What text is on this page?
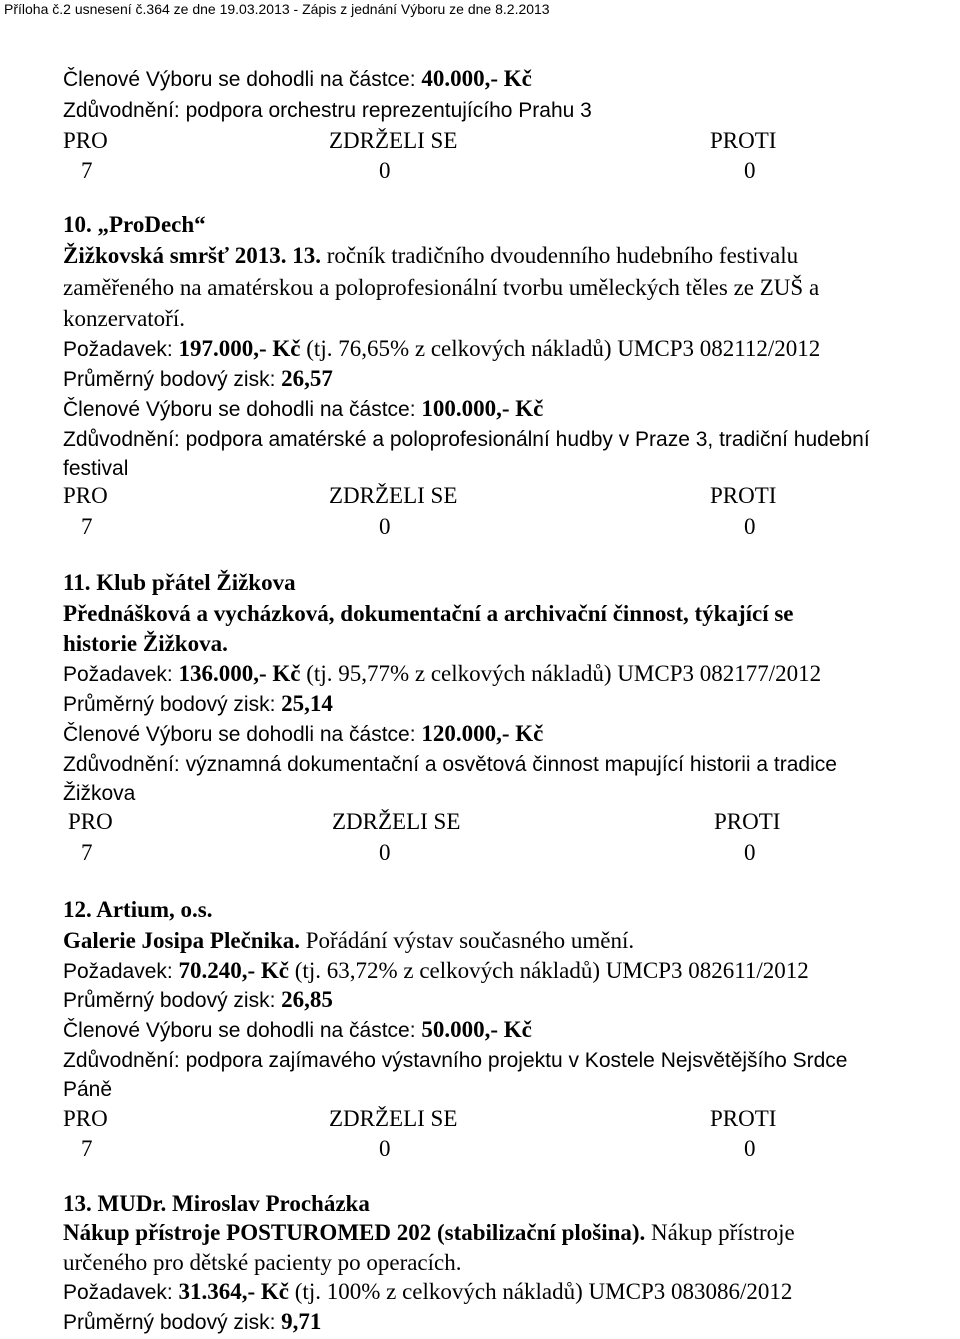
Příloha č.2 usnesení č.364 ze dne 19.03.2013 - Zápis z jednání Výboru ze dne 8.2.2013
Členové Výboru se dohodli na částce: 40.000,- Kč
Zdůvodnění: podpora orchestru reprezentujícího Prahu 3
PRO	ZDRŽELI SE	PROTI
7	0	0
10. „ProDech“
Žižkovská smršť 2013. 13. ročník tradičního dvoudenního hudebního festivalu
zaměřeného na amatérskou a poloprofesionální tvorbu uměleckých těles ze ZUŠ a
konzervatoří.
Požadavek: 197.000,- Kč (tj. 76,65% z celkových nákladů) UMCP3 082112/2012
Průměrný bodový zisk: 26,57
Členové Výboru se dohodli na částce: 100.000,- Kč
Zdůvodnění: podpora amatérské a poloprofesionální hudby v Praze 3, tradiční hudební
festival
PRO	ZDRŽELI SE	PROTI
7	0	0
11. Klub přátel Žižkova
Přednášková a vycházková, dokumentační a archivační činnost, týkající se
historie Žižkova.
Požadavek: 136.000,- Kč (tj. 95,77% z celkových nákladů) UMCP3 082177/2012
Průměrný bodový zisk: 25,14
Členové Výboru se dohodli na částce: 120.000,- Kč
Zdůvodnění: významná dokumentační a osvětová činnost mapující historii a tradice
Žižkova
PRO	ZDRŽELI SE	PROTI
7	0	0
12. Artium, o.s.
Galerie Josipa Plečnika. Pořádání výstav současného umění.
Požadavek: 70.240,- Kč (tj. 63,72% z celkových nákladů) UMCP3 082611/2012
Průměrný bodový zisk: 26,85
Členové Výboru se dohodli na částce: 50.000,- Kč
Zdůvodnění: podpora zajímavého výstavního projektu v Kostele Nejsvětějšího Srdce
Páně
PRO	ZDRŽELI SE	PROTI
7	0	0
13. MUDr. Miroslav Procházka
Nákup přístroje POSTUROMED 202 (stabilizační plošina). Nákup přístroje
určeného pro dětské pacienty po operacích.
Požadavek: 31.364,- Kč (tj. 100% z celkových nákladů) UMCP3 083086/2012
Průměrný bodový zisk: 9,71
